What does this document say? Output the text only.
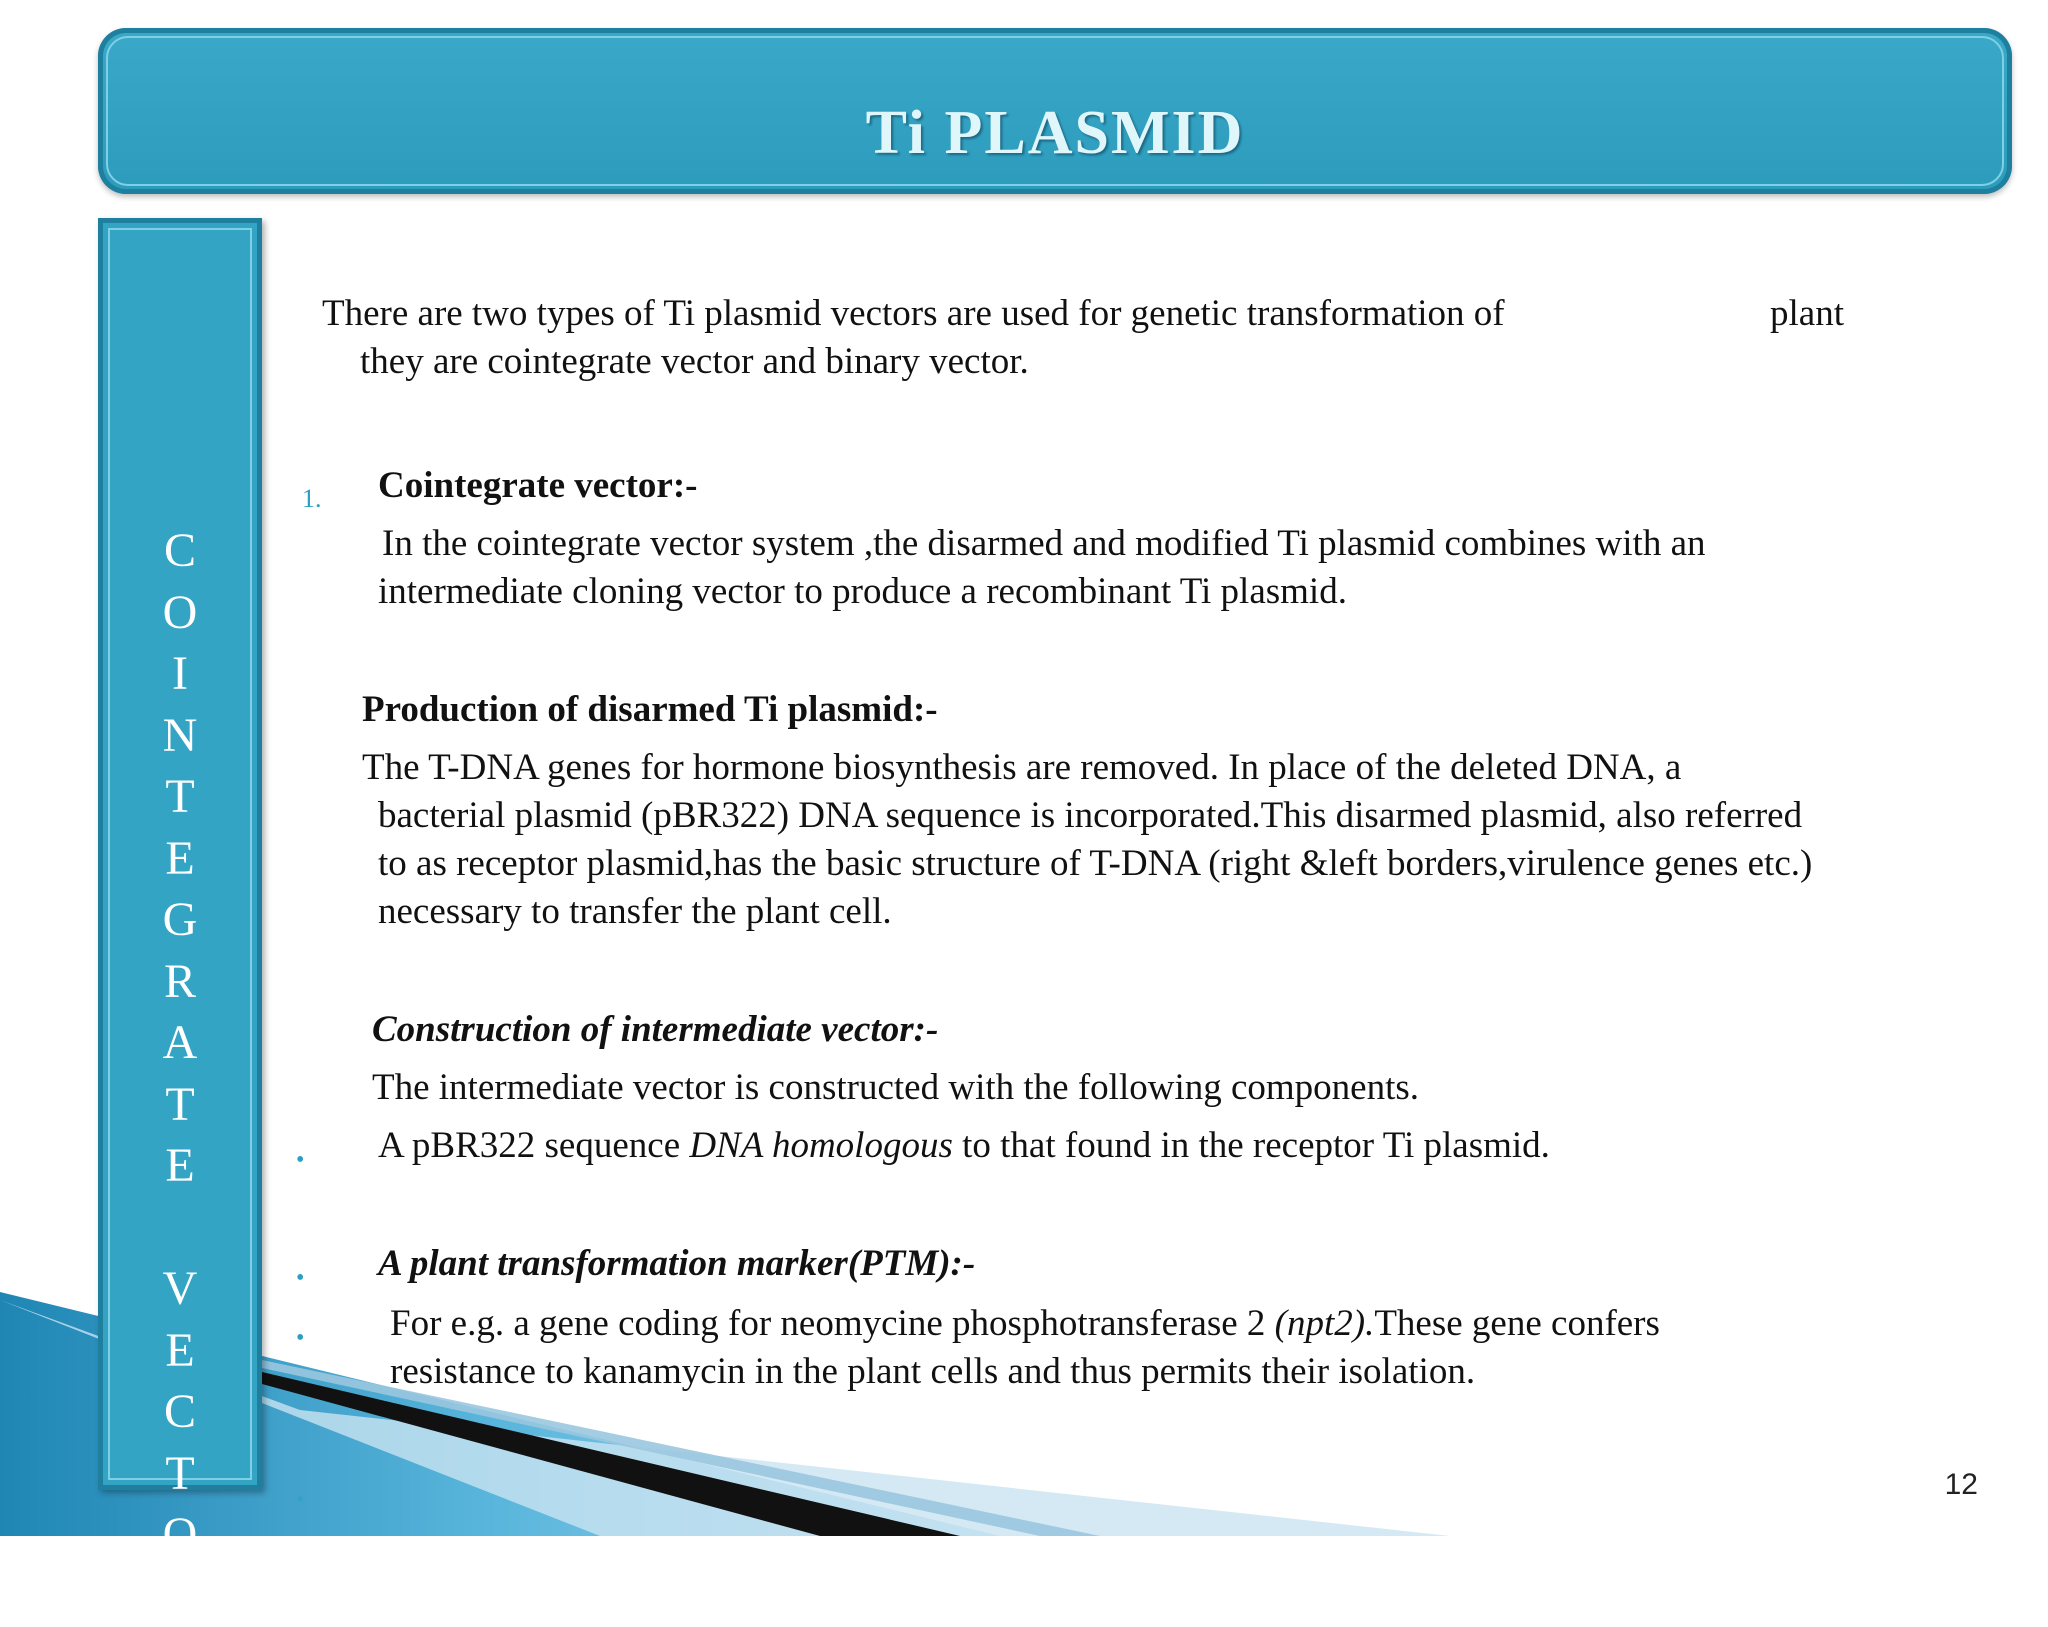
Ti PLASMID
C
O
I
N
T
E
G
R
A
T
E
V
E
C
T
O
R
There are two types of Ti plasmid vectors are used for genetic transformation of	plant
they are cointegrate vector and binary vector.
1. Cointegrate vector:-
In the cointegrate vector system ,the disarmed and modified Ti plasmid combines with an
intermediate cloning vector to produce a recombinant Ti plasmid.
Production of disarmed Ti plasmid:-
The T-DNA genes for hormone biosynthesis are removed. In place of the deleted DNA, a
bacterial plasmid (pBR322) DNA sequence is incorporated.This disarmed plasmid, also referred
to as receptor plasmid,has the basic structure of T-DNA (right &left borders,virulence genes etc.)
necessary to transfer the plant cell.
Construction of intermediate vector:-
The intermediate vector is constructed with the following components.
• A pBR322 sequence DNA homologous to that found in the receptor Ti plasmid.
• A plant transformation marker(PTM):-
• For e.g. a gene coding for neomycine phosphotransferase 2 (npt2).These gene confers
resistance to kanamycin in the plant cells and thus permits their isolation.
•	12
